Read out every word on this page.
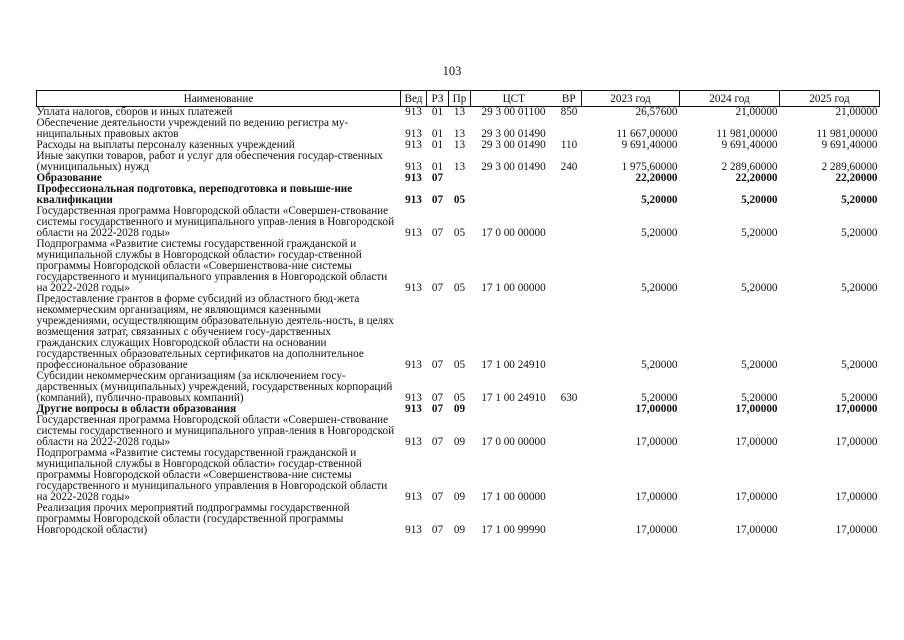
103
Наименование	Вед	РЗ	Пр	ЦСТ	ВР	2023 год	2024 год	2025 год
Уплата налогов, сборов и иных платежей	913	01	13	29 3 00 01100	850	26,57600	21,00000	21,00000
Обеспечение деятельности учреждений по ведению регистра му-ниципальных правовых актов	913	01	13	29 3 00 01490		11 667,00000	11 981,00000	11 981,00000
Расходы на выплаты персоналу казенных учреждений	913	01	13	29 3 00 01490	110	9 691,40000	9 691,40000	9 691,40000
Иные закупки товаров, работ и услуг для обеспечения государ-ственных (муниципальных) нужд	913	01	13	29 3 00 01490	240	1 975,60000	2 289,60000	2 289,60000
Образование	913	07				22,20000	22,20000	22,20000
Профессиональная подготовка, переподготовка и повыше-ние квалификации	913	07	05			5,20000	5,20000	5,20000
Государственная программа Новгородской области «Совершен-ствование системы государственного и муниципального управ-ления в Новгородской области на 2022-2028 годы»	913	07	05	17 0 00 00000		5,20000	5,20000	5,20000
Подпрограмма «Развитие системы государственной гражданской и муниципальной службы в Новгородской области» государ-ственной программы Новгородской области «Совершенствова-ние системы государственного и муниципального управления в Новгородской области на 2022-2028 годы»	913	07	05	17 1 00 00000		5,20000	5,20000	5,20000
Предоставление грантов в форме субсидий из областного бюд-жета некоммерческим организациям, не являющимся казенными учреждениями, осуществляющим образовательную деятель-ность, в целях возмещения затрат, связанных с обучением госу-дарственных гражданских служащих Новгородской области на основании государственных образовательных сертификатов на дополнительное профессиональное образование	913	07	05	17 1 00 24910		5,20000	5,20000	5,20000
Субсидии некоммерческим организациям (за исключением госу-дарственных (муниципальных) учреждений, государственных корпораций (компаний), публично-правовых компаний)	913	07	05	17 1 00 24910	630	5,20000	5,20000	5,20000
Другие вопросы в области образования	913	07	09			17,00000	17,00000	17,00000
Государственная программа Новгородской области «Совершен-ствование системы государственного и муниципального управ-ления в Новгородской области на 2022-2028 годы»	913	07	09	17 0 00 00000		17,00000	17,00000	17,00000
Подпрограмма «Развитие системы государственной гражданской и муниципальной службы в Новгородской области» государ-ственной программы Новгородской области «Совершенствова-ние системы государственного и муниципального управления в Новгородской области на 2022-2028 годы»	913	07	09	17 1 00 00000		17,00000	17,00000	17,00000
Реализация прочих мероприятий подпрограммы государственной программы Новгородской области (государственной программы Новгородской области)	913	07	09	17 1 00 99990		17,00000	17,00000	17,00000
